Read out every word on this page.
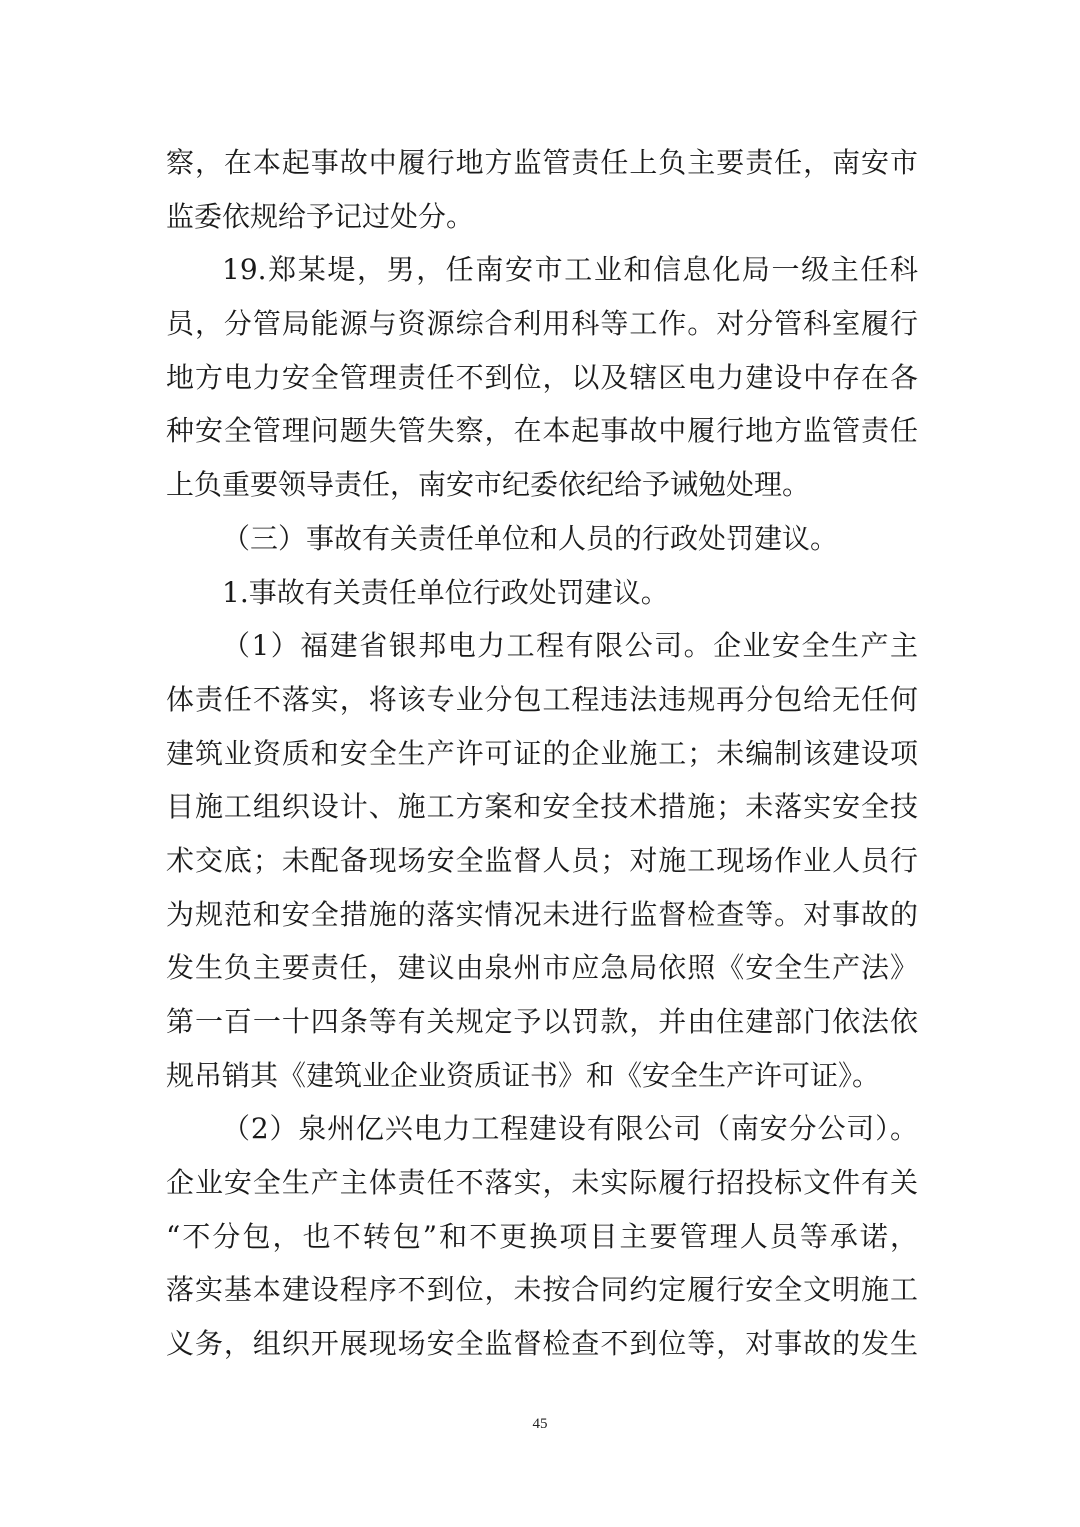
察，在本起事故中履行地方监管责任上负主要责任，南安市
监委依规给予记过处分。
19.郑某堤，男，任南安市工业和信息化局一级主任科
员，分管局能源与资源综合利用科等工作。对分管科室履行
地方电力安全管理责任不到位，以及辖区电力建设中存在各
种安全管理问题失管失察，在本起事故中履行地方监管责任
上负重要领导责任，南安市纪委依纪给予诫勉处理。
（三）事故有关责任单位和人员的行政处罚建议。
1.事故有关责任单位行政处罚建议。
（1）福建省银邦电力工程有限公司。企业安全生产主
体责任不落实，将该专业分包工程违法违规再分包给无任何
建筑业资质和安全生产许可证的企业施工；未编制该建设项
目施工组织设计、施工方案和安全技术措施；未落实安全技
术交底；未配备现场安全监督人员；对施工现场作业人员行
为规范和安全措施的落实情况未进行监督检查等。对事故的
发生负主要责任，建议由泉州市应急局依照《安全生产法》
第一百一十四条等有关规定予以罚款，并由住建部门依法依
规吊销其《建筑业企业资质证书》和《安全生产许可证》。
（2）泉州亿兴电力工程建设有限公司（南安分公司）。
企业安全生产主体责任不落实，未实际履行招投标文件有关
“不分包，也不转包”和不更换项目主要管理人员等承诺，
落实基本建设程序不到位，未按合同约定履行安全文明施工
义务，组织开展现场安全监督检查不到位等，对事故的发生
45
